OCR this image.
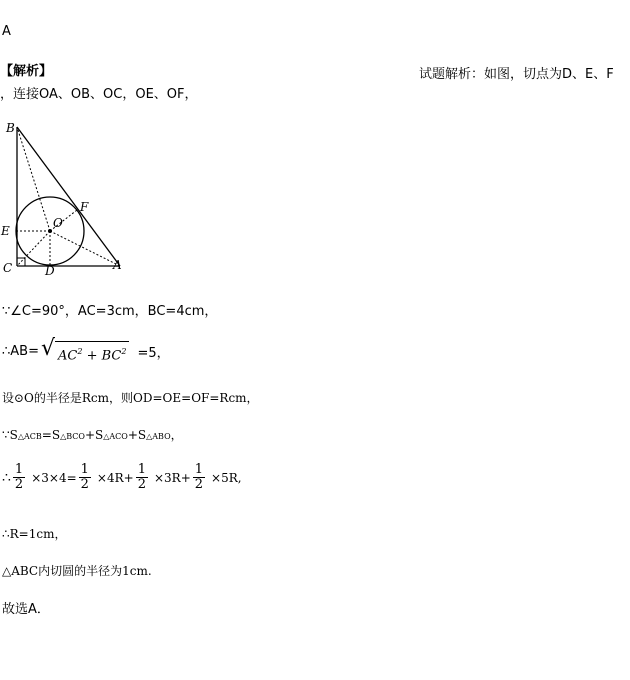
A
【解析】	试题解析：如图，切点为D、E、F
，连接OA、OB、OC，OE、OF，
B
C	A
D
E
F
O
∵∠C=90°，AC=3cm，BC=4cm，
∴AB= √ $AC^2 + BC^2 =5$，
设⊙O的半径是Rcm，则OD=OE=OF=Rcm，
∵S△ACB=S△BCO+S△ACO+S△ABO，
∴ $\frac{1}{2} \times 3\times 4= \frac{1}{2} \times 4R+ \frac{1}{2} \times 3R+ \frac{1}{2} \times 5R$,
∴R=1cm，
△ABC内切圆的半径为1cm.
故选A．
